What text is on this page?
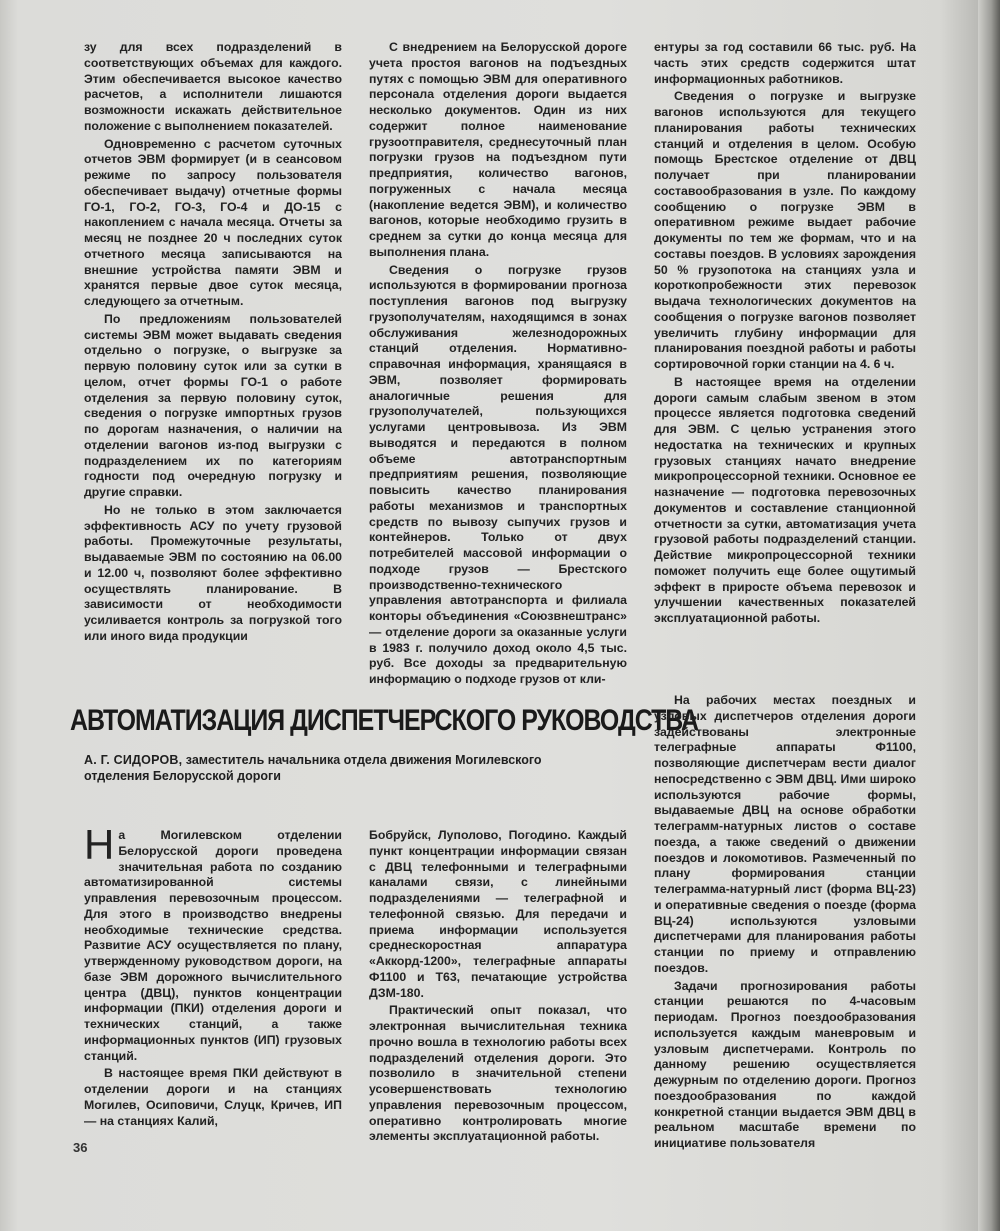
зу для всех подразделений в соответствующих объемах для каждого. Этим обеспечивается высокое качество расчетов, а исполнители лишаются возможности искажать действительное положение с выполнением показателей.

Одновременно с расчетом суточных отчетов ЭВМ формирует (и в сеансовом режиме по запросу пользователя обеспечивает выдачу) отчетные формы ГО-1, ГО-2, ГО-3, ГО-4 и ДО-15 с накоплением с начала месяца. Отчеты за месяц не позднее 20 ч последних суток отчетного месяца записываются на внешние устройства памяти ЭВМ и хранятся первые двое суток месяца, следующего за отчетным.

По предложениям пользователей системы ЭВМ может выдавать сведения отдельно о погрузке, о выгрузке за первую половину суток или за сутки в целом, отчет формы ГО-1 о работе отделения за первую половину суток, сведения о погрузке импортных грузов по дорогам назначения, о наличии на отделении вагонов из-под выгрузки с подразделением их по категориям годности под очередную погрузку и другие справки.

Но не только в этом заключается эффективность АСУ по учету грузовой работы. Промежуточные результаты, выдаваемые ЭВМ по состоянию на 06.00 и 12.00 ч, позволяют более эффективно осуществлять планирование. В зависимости от необходимости усиливается контроль за погрузкой того или иного вида продукции

С внедрением на Белорусской дороге учета простоя вагонов на подъездных путях с помощью ЭВМ для оперативного персонала отделения дороги выдается несколько документов. Один из них содержит полное наименование грузоотправителя, среднесуточный план погрузки грузов на подъездном пути предприятия, количество вагонов, погруженных с начала месяца (накопление ведется ЭВМ), и количество вагонов, которые необходимо грузить в среднем за сутки до конца месяца для выполнения плана.

Сведения о погрузке грузов используются в формировании прогноза поступления вагонов под выгрузку грузополучателям, находящимся в зонах обслуживания железнодорожных станций отделения. Нормативно-справочная информация, хранящаяся в ЭВМ, позволяет формировать аналогичные решения для грузополучателей, пользующихся услугами центровывоза. Из ЭВМ выводятся и передаются в полном объеме автотранспортным предприятиям решения, позволяющие повысить качество планирования работы механизмов и транспортных средств по вывозу сыпучих грузов и контейнеров. Только от двух потребителей массовой информации о подходе грузов — Брестского производственно-технического управления автотранспорта и филиала конторы объединения «Союзвнештранс» — отделение дороги за оказанные услуги в 1983 г. получило доход около 4,5 тыс. руб. Все доходы за предварительную информацию о подходе грузов от кли-

ентуры за год составили 66 тыс. руб. На часть этих средств содержится штат информационных работников.

Сведения о погрузке и выгрузке вагонов используются для текущего планирования работы технических станций и отделения в целом. Особую помощь Брестское отделение от ДВЦ получает при планировании составообразования в узле. По каждому сообщению о погрузке ЭВМ в оперативном режиме выдает рабочие документы по тем же формам, что и на составы поездов. В условиях зарождения 50 % грузопотока на станциях узла и короткопробежности этих перевозок выдача технологических документов на сообщения о погрузке вагонов позволяет увеличить глубину информации для планирования поездной работы и работы сортировочной горки станции на 4. 6 ч.

В настоящее время на отделении дороги самым слабым звеном в этом процессе является подготовка сведений для ЭВМ. С целью устранения этого недостатка на технических и крупных грузовых станциях начато внедрение микропроцессорной техники. Основное ее назначение — подготовка перевозочных документов и составление станционной отчетности за сутки, автоматизация учета грузовой работы подразделений станции. Действие микропроцессорной техники поможет получить еще более ощутимый эффект в приросте объема перевозок и улучшении качественных показателей эксплуатационной работы.

АВТОМАТИЗАЦИЯ ДИСПЕТЧЕРСКОГО РУКОВОДСТВА
А. Г. СИДОРОВ, заместитель начальника отдела движения Могилевского отделения Белорусской дороги

На Могилевском отделении Белорусской дороги проведена значительная работа по созданию автоматизированной системы управления перевозочным процессом. Для этого в производство внедрены необходимые технические средства. Развитие АСУ осуществляется по плану, утвержденному руководством дороги, на базе ЭВМ дорожного вычислительного центра (ДВЦ), пунктов концентрации информации (ПКИ) отделения дороги и технических станций, а также информационных пунктов (ИП) грузовых станций.

В настоящее время ПКИ действуют в отделении дороги и на станциях Могилев, Осиповичи, Слуцк, Кричев, ИП — на станциях Калий,

Бобруйск, Луполово, Погодино. Каждый пункт концентрации информации связан с ДВЦ телефонными и телеграфными каналами связи, с линейными подразделениями — телеграфной и телефонной связью. Для передачи и приема информации используется среднескоростная аппаратура «Аккорд-1200», телеграфные аппараты Ф1100 и Т63, печатающие устройства ДЗМ-180.

Практический опыт показал, что электронная вычислительная техника прочно вошла в технологию работы всех подразделений отделения дороги. Это позволило в значительной степени усовершенствовать технологию управления перевозочным процессом, оперативно контролировать многие элементы эксплуатационной работы.

На рабочих местах поездных и узловых диспетчеров отделения дороги задействованы электронные телеграфные аппараты Ф1100, позволяющие диспетчерам вести диалог непосредственно с ЭВМ ДВЦ. Ими широко используются рабочие формы, выдаваемые ДВЦ на основе обработки телеграмм-натурных листов о составе поезда, а также сведений о движении поездов и локомотивов. Размеченный по плану формирования станции телеграмма-натурный лист (форма ВЦ-23) и оперативные сведения о поезде (форма ВЦ-24) используются узловыми диспетчерами для планирования работы станции по приему и отправлению поездов.

Задачи прогнозирования работы станции решаются по 4-часовым периодам. Прогноз поездообразования используется каждым маневровым и узловым диспетчерами. Контроль по данному решению осуществляется дежурным по отделению дороги. Прогноз поездообразования по каждой конкретной станции выдается ЭВМ ДВЦ в реальном масштабе времени по инициативе пользователя

36
